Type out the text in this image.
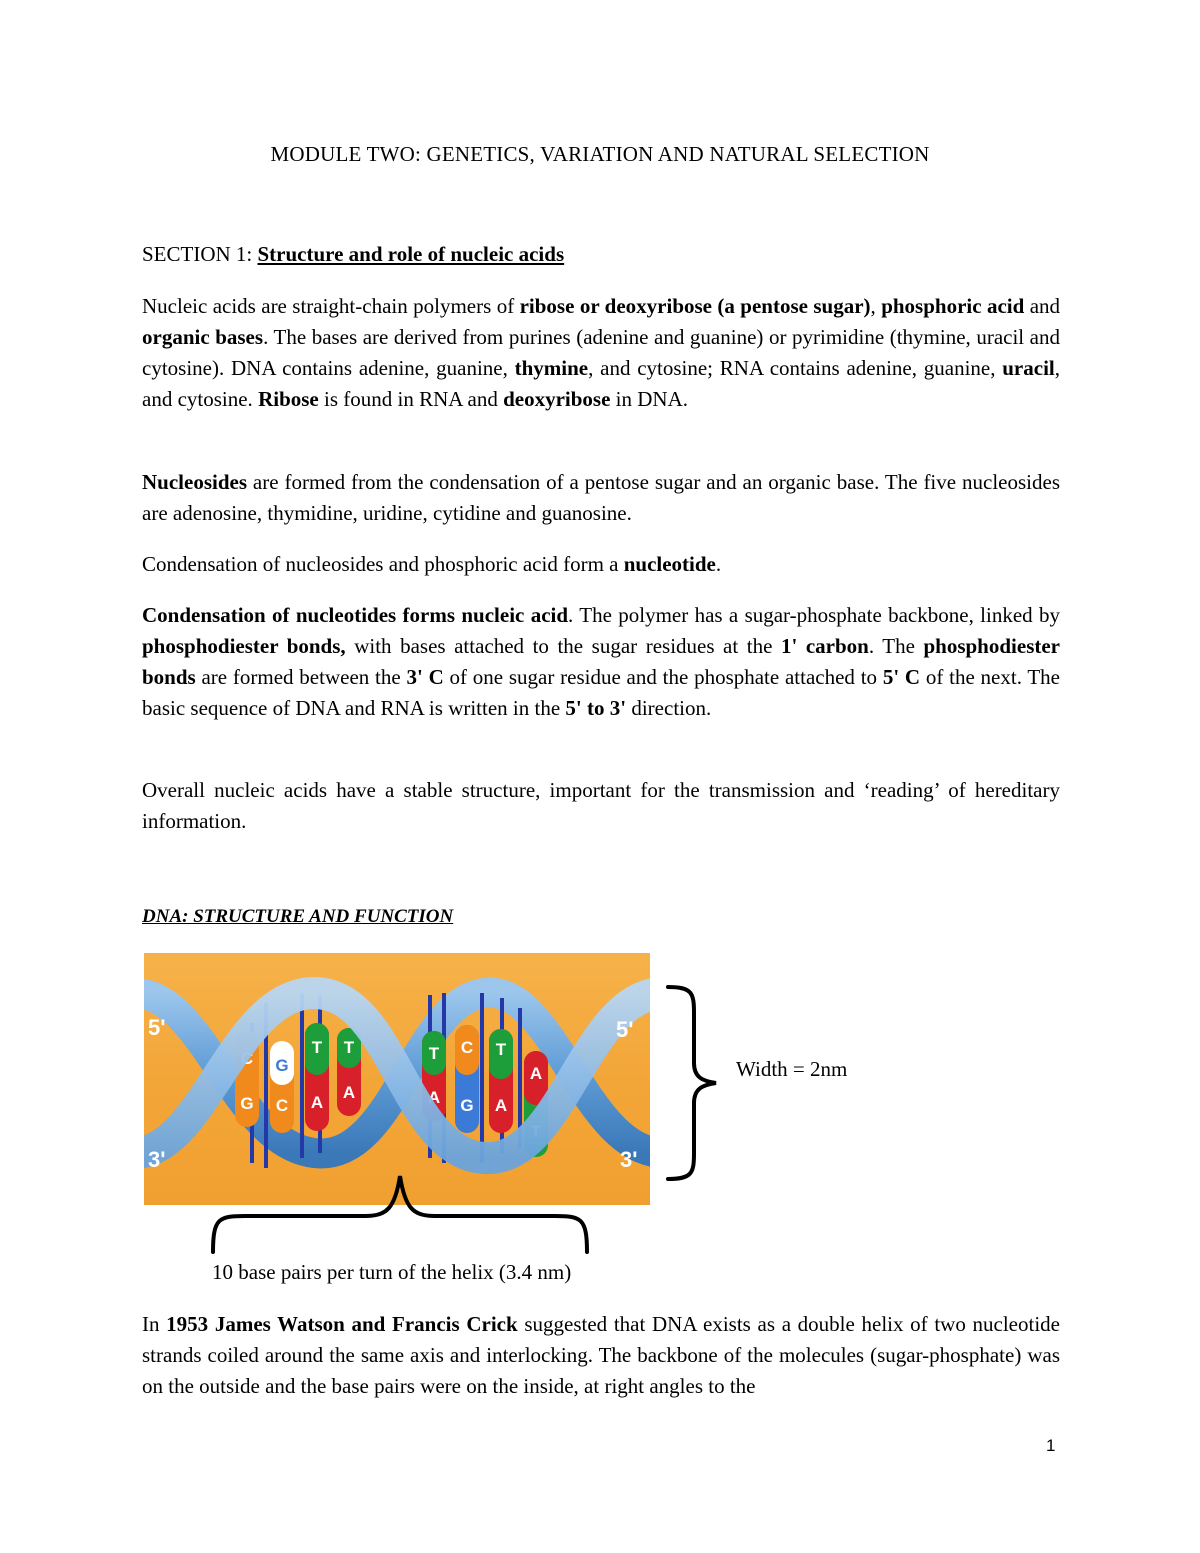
MODULE TWO: GENETICS, VARIATION AND NATURAL SELECTION
SECTION 1: Structure and role of nucleic acids

Nucleic acids are straight-chain polymers of ribose or deoxyribose (a pentose sugar), phosphoric acid and organic bases. The bases are derived from purines (adenine and guanine) or pyrimidine (thymine, uracil and cytosine). DNA contains adenine, guanine, thymine, and cytosine; RNA contains adenine, guanine, uracil, and cytosine. Ribose is found in RNA and deoxyribose in DNA.

Nucleosides are formed from the condensation of a pentose sugar and an organic base. The five nucleosides are adenosine, thymidine, uridine, cytidine and guanosine.

Condensation of nucleosides and phosphoric acid form a nucleotide.

Condensation of nucleotides forms nucleic acid. The polymer has a sugar-phosphate backbone, linked by phosphodiester bonds, with bases attached to the sugar residues at the 1' carbon. The phosphodiester bonds are formed between the 3' C of one sugar residue and the phosphate attached to 5' C of the next. The basic sequence of DNA and RNA is written in the 5' to 3' direction.

Overall nucleic acids have a stable structure, important for the transmission and ‘reading’ of hereditary information.

DNA: STRUCTURE AND FUNCTION
C
G
G
C
T
A
T
A
T
A
C
G
T
A
A
T
5'
3'
5'
3'
Width = 2nm
10 base pairs per turn of the helix (3.4 nm)

In 1953 James Watson and Francis Crick suggested that DNA exists as a double helix of two nucleotide strands coiled around the same axis and interlocking. The backbone of the molecules (sugar-phosphate) was on the outside and the base pairs were on the inside, at right angles to the

1
